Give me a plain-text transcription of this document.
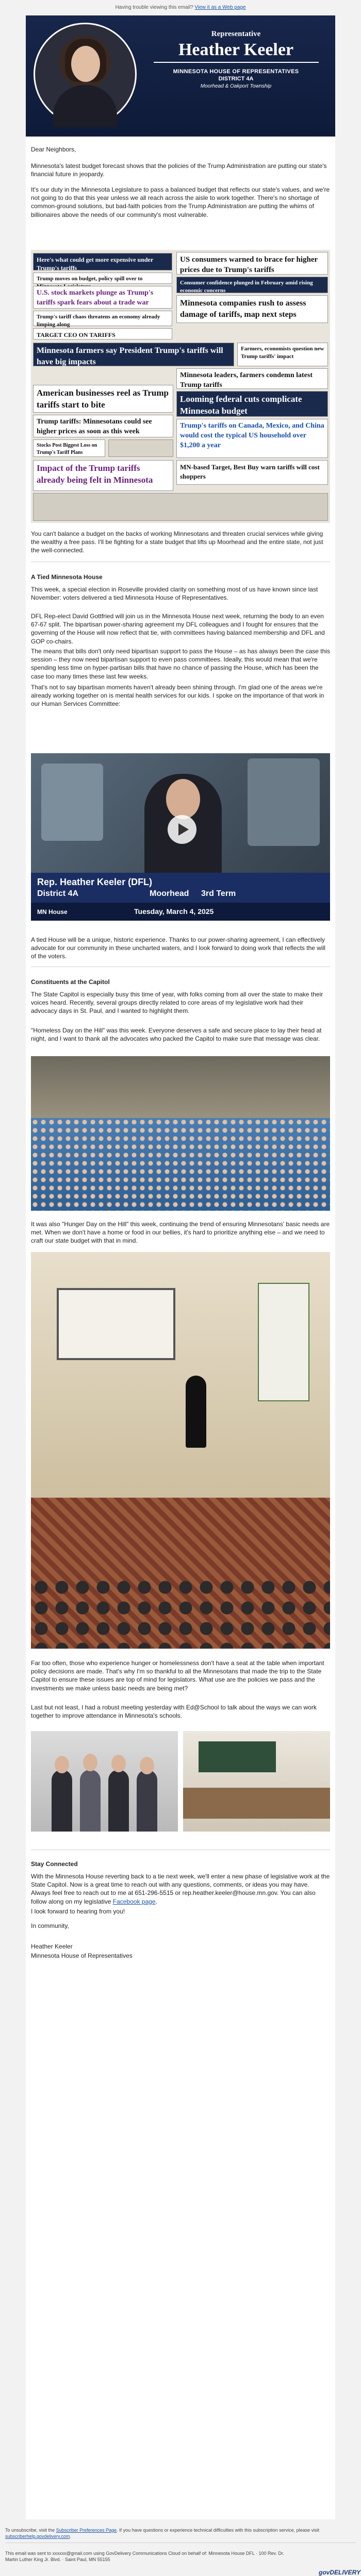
Having trouble viewing this email? View it as a Web page
Representative
Heather Keeler
MINNESOTA HOUSE OF REPRESENTATIVES
DISTRICT 4A
Moorhead & Oakport Township
Dear Neighbors,
Minnesota's latest budget forecast shows that the policies of the Trump Administration are putting our state's financial future in jeopardy.
It's our duty in the Minnesota Legislature to pass a balanced budget that reflects our state's values, and we're not going to do that this year unless we all reach across the aisle to work together. There's no shortage of common-ground solutions, but bad-faith policies from the Trump Administration are putting the whims of billionaires above the needs of our community's most vulnerable.
Here's what could get more expensive under Trump's tariffs
US consumers warned to brace for higher prices due to Trump's tariffs
Trump moves on budget, policy spill over to
U.S. stock markets plunge as Trump's tariffs spark fears about a trade war
Consumer confidence plunged in February amid rising economic concerns
Trump's tariff chaos threatens an economy already limping along
Minnesota companies rush to assess damage of tariffs, map next steps
TARGET CEO ON TARIFFS
Minnesota farmers say President Trump's tariffs will have big impacts
Farmers, economists question new Trump tariffs' impact
Minnesota leaders, farmers condemn latest Trump tariffs
American businesses reel as Trump tariffs start to bite
Looming federal cuts complicate Minnesota budget
Trump tariffs: Minnesotans could see higher prices as soon as this week
Trump's tariffs on Canada, Mexico, and China would cost the typical US household over $1,200 a year
Stocks Post Biggest Loss on Trump's Tariff Plans
Impact of the Trump tariffs already being felt in Minnesota
MN-based Target, Best Buy warn tariffs will cost shoppers
You can't balance a budget on the backs of working Minnesotans and threaten crucial services while giving the wealthy a free pass. I'll be fighting for a state budget that lifts up Moorhead and the entire state, not just the well-connected.
A Tied Minnesota House
This week, a special election in Roseville provided clarity on something most of us have known since last November: voters delivered a tied Minnesota House of Representatives.
DFL Rep-elect David Gottfried will join us in the Minnesota House next week, returning the body to an even 67-67 split. The bipartisan power-sharing agreement my DFL colleagues and I fought for ensures that the governing of the House will now reflect that tie, with committees having balanced membership and DFL and GOP co-chairs.
The means that bills don't only need bipartisan support to pass the House – as has always been the case this session – they now need bipartisan support to even pass committees. Ideally, this would mean that we're spending less time on hyper-partisan bills that have no chance of passing the House, which has been the case too many times these last few weeks.
That's not to say bipartisan moments haven't already been shining through. I'm glad one of the areas we're already working together on is mental health services for our kids. I spoke on the importance of that work in our Human Services Committee:
Rep. Heather Keeler (DFL)
District 4A	Moorhead 3rd Term
MN House	Tuesday, March 4, 2025
A tied House will be a unique, historic experience. Thanks to our power-sharing agreement, I can effectively advocate for our community in these uncharted waters, and I look forward to doing work that reflects the will of the voters.
Constituents at the Capitol
The State Capitol is especially busy this time of year, with folks coming from all over the state to make their voices heard. Recently, several groups directly related to core areas of my legislative work had their advocacy days in St. Paul, and I wanted to highlight them.
"Homeless Day on the Hill" was this week. Everyone deserves a safe and secure place to lay their head at night, and I want to thank all the advocates who packed the Capitol to make sure that message was clear.
It was also "Hunger Day on the Hill" this week, continuing the trend of ensuring Minnesotans' basic needs are met. When we don't have a home or food in our bellies, it's hard to prioritize anything else – and we need to craft our state budget with that in mind.
Far too often, those who experience hunger or homelessness don't have a seat at the table when important policy decisions are made. That's why I'm so thankful to all the Minnesotans that made the trip to the State Capitol to ensure these issues are top of mind for legislators. What use are the policies we pass and the investments we make unless basic needs are being met?
Last but not least, I had a robust meeting yesterday with Ed@School to talk about the ways we can work together to improve attendance in Minnesota's schools.
Stay Connected
With the Minnesota House reverting back to a tie next week, we'll enter a new phase of legislative work at the State Capitol. Now is a great time to reach out with any questions, comments, or ideas you may have. Always feel free to reach out to me at 651-296-5515 or rep.heather.keeler@house.mn.gov. You can also follow along on my legislative Facebook page.
I look forward to hearing from you!
In community,
Heather Keeler
Minnesota House of Representatives
To unsubscribe, visit the Subscriber Preferences Page. If you have questions or experience technical difficulties with this subscription service, please visit subscriberhelp.govdelivery.com.
This email was sent to xxxxxx@gmail.com using GovDelivery Communications Cloud on behalf of: Minnesota House DFL · 100 Rev. Dr. Martin Luther King Jr. Blvd. · Saint Paul, MN 55155
govDELIVERY
